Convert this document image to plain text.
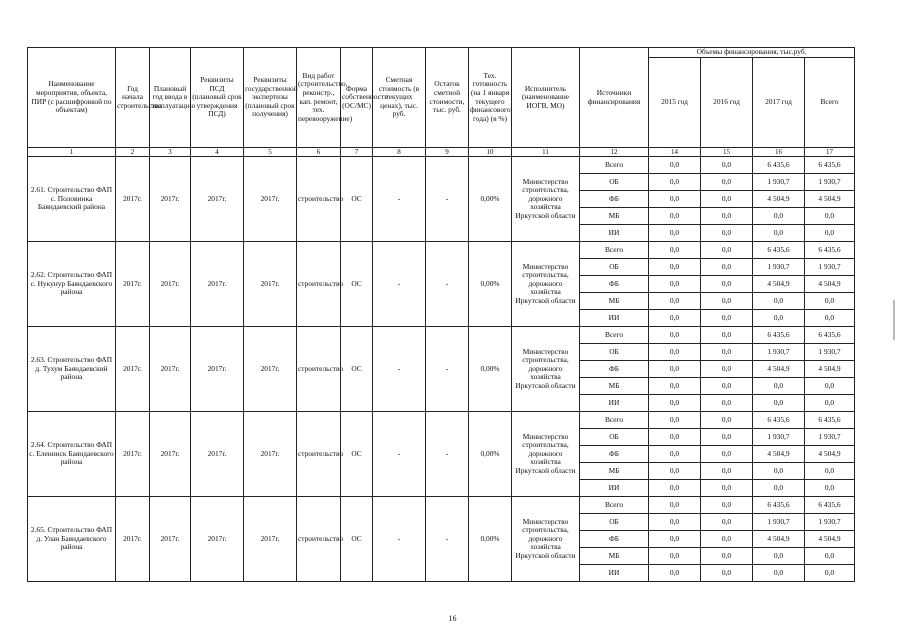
Наименование мероприятия, объекта, ПИР (с расшифровкой по объектам)	Год начала строительства	Плановый год ввода в эксплуатацию	Реквизиты ПСД (плановый срок утверждения ПСД)	Реквизиты государственной экспертизы (плановый срок получения)	Вид работ (строительство, реконстр., кап. ремонт, тех. перевооружение)	Форма собственности (ОС/МС)	Сметная стоимость (в текущих ценах), тыс. руб.	Остаток сметной стоимости, тыс. руб.	Тех. готовность (на 1 января текущего финансового года) (в %)	Исполнитель (наименование ИОГВ, МО)	Источники финансирования	Объемы финансирования, тыс.руб.			
												2015 год	2016 год	2017 год	Всего
1	2	3	4	5	6	7	8	9	10	11	12	14	15	16	17
2.61. Строительство ФАП с. Половинка Баяндаевский района	2017г.	2017г.	2017г.	2017г.	строительство	ОС	-	-	0,00%	Министерство строительства, дорожного хозяйства Иркутской области	Всего	0,0	0,0	6 435,6	6 435,6
											ОБ	0,0	0,0	1 930,7	1 930,7
											ФБ	0,0	0,0	4 504,9	4 504,9
											МБ	0,0	0,0	0,0	0,0
											ИИ	0,0	0,0	0,0	0,0
2.62. Строительство ФАП с. Нукунур Баяндаевского района	2017г.	2017г.	2017г.	2017г.	строительство	ОС	-	-	0,00%	Министерство строительства, дорожного хозяйства Иркутской области	Всего	0,0	0,0	6 435,6	6 435,6
											ОБ	0,0	0,0	1 930,7	1 930,7
											ФБ	0,0	0,0	4 504,9	4 504,9
											МБ	0,0	0,0	0,0	0,0
											ИИ	0,0	0,0	0,0	0,0
2.63. Строительство ФАП д. Тухум Баяндаевский района	2017г.	2017г.	2017г.	2017г.	строительство	ОС	-	-	0,00%	Министерство строительства, дорожного хозяйства Иркутской области	Всего	0,0	0,0	6 435,6	6 435,6
											ОБ	0,0	0,0	1 930,7	1 930,7
											ФБ	0,0	0,0	4 504,9	4 504,9
											МБ	0,0	0,0	0,0	0,0
											ИИ	0,0	0,0	0,0	0,0
2.64. Строительство ФАП с. Еленинск Баяндаевского района	2017г.	2017г.	2017г.	2017г.	строительство	ОС	-	-	0,00%	Министерство строительства, дорожного хозяйства Иркутской области	Всего	0,0	0,0	6 435,6	6 435,6
											ОБ	0,0	0,0	1 930,7	1 930,7
											ФБ	0,0	0,0	4 504,9	4 504,9
											МБ	0,0	0,0	0,0	0,0
											ИИ	0,0	0,0	0,0	0,0
2.65. Строительство ФАП д. Улан Баяндаевского района	2017г.	2017г.	2017г.	2017г.	строительство	ОС	-	-	0,00%	Министерство строительства, дорожного хозяйства Иркутской области	Всего	0,0	0,0	6 435,6	6 435,6
											ОБ	0,0	0,0	1 930,7	1 930,7
											ФБ	0,0	0,0	4 504,9	4 504,9
											МБ	0,0	0,0	0,0	0,0
											ИИ	0,0	0,0	0,0	0,0
16
